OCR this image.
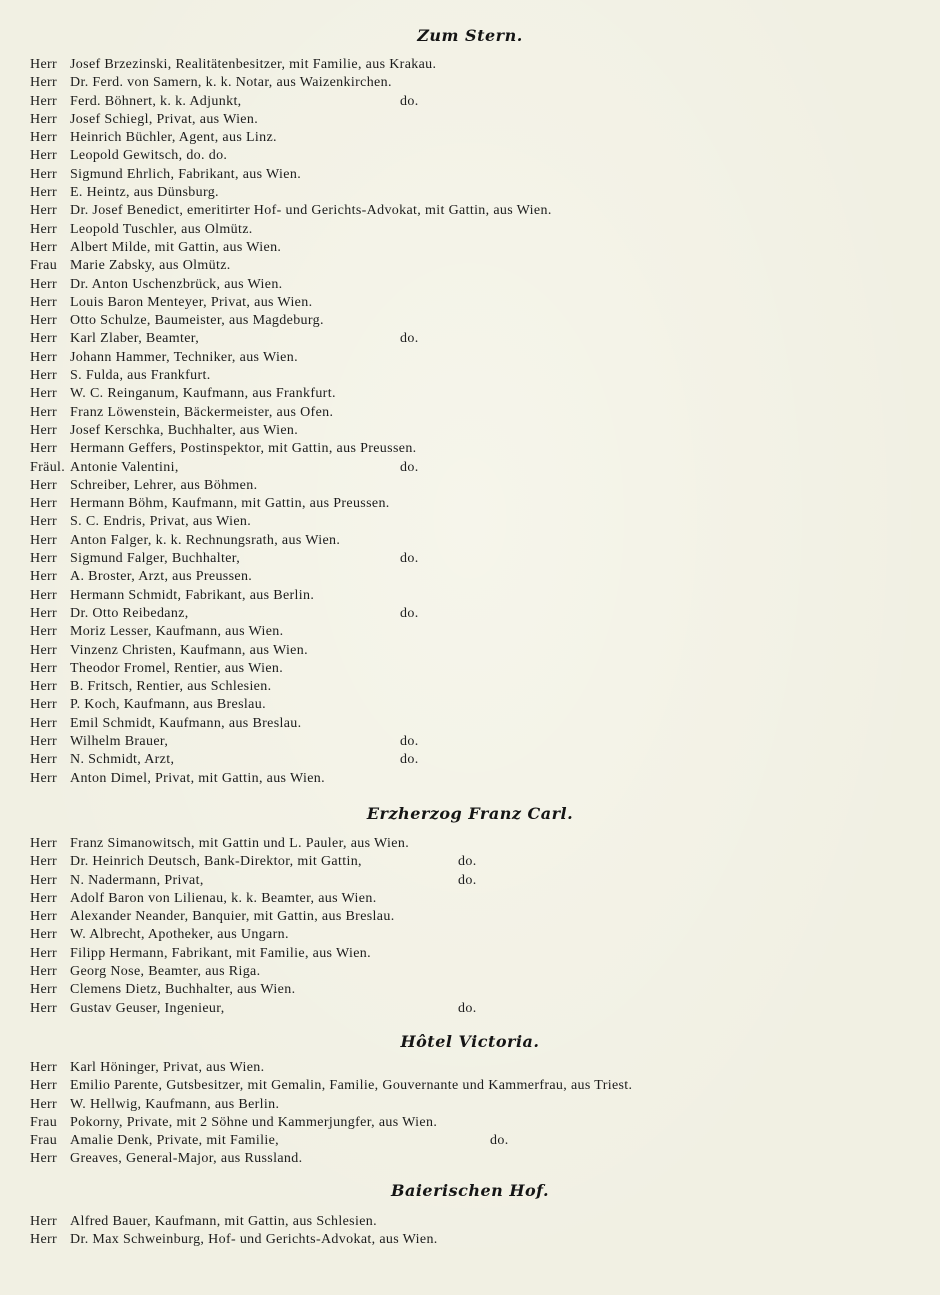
Zum Stern.
Herr Josef Brzezinski, Realitätenbesitzer, mit Familie, aus Krakau.
Herr Dr. Ferd. von Samern, k. k. Notar, aus Waizenkirchen.
Herr Ferd. Böhnert, k. k. Adjunkt,	do.
Herr Josef Schiegl, Privat, aus Wien.
Herr Heinrich Büchler, Agent, aus Linz.
Herr Leopold Gewitsch, do. do.
Herr Sigmund Ehrlich, Fabrikant, aus Wien.
Herr E. Heintz, aus Dünsburg.
Herr Dr. Josef Benedict, emeritirter Hof- und Gerichts-Advokat, mit Gattin, aus Wien.
Herr Leopold Tuschler, aus Olmütz.
Herr Albert Milde, mit Gattin, aus Wien.
Frau Marie Zabsky, aus Olmütz.
Herr Dr. Anton Uschenzbrück, aus Wien.
Herr Louis Baron Menteyer, Privat, aus Wien.
Herr Otto Schulze, Baumeister, aus Magdeburg.
Herr Karl Zlaber, Beamter,	do.
Herr Johann Hammer, Techniker, aus Wien.
Herr S. Fulda, aus Frankfurt.
Herr W. C. Reinganum, Kaufmann, aus Frankfurt.
Herr Franz Löwenstein, Bäckermeister, aus Ofen.
Herr Josef Kerschka, Buchhalter, aus Wien.
Herr Hermann Geffers, Postinspektor, mit Gattin, aus Preussen.
Fräul. Antonie Valentini,	do.
Herr Schreiber, Lehrer, aus Böhmen.
Herr Hermann Böhm, Kaufmann, mit Gattin, aus Preussen.
Herr S. C. Endris, Privat, aus Wien.
Herr Anton Falger, k. k. Rechnungsrath, aus Wien.
Herr Sigmund Falger, Buchhalter,	do.
Herr A. Broster, Arzt, aus Preussen.
Herr Hermann Schmidt, Fabrikant, aus Berlin.
Herr Dr. Otto Reibedanz,	do.
Herr Moriz Lesser, Kaufmann, aus Wien.
Herr Vinzenz Christen, Kaufmann, aus Wien.
Herr Theodor Fromel, Rentier, aus Wien.
Herr B. Fritsch, Rentier, aus Schlesien.
Herr P. Koch, Kaufmann, aus Breslau.
Herr Emil Schmidt, Kaufmann, aus Breslau.
Herr Wilhelm Brauer,	do.
Herr N. Schmidt, Arzt,	do.
Herr Anton Dimel, Privat, mit Gattin, aus Wien.
Erzherzog Franz Carl.
Herr Franz Simanowitsch, mit Gattin und L. Pauler, aus Wien.
Herr Dr. Heinrich Deutsch, Bank-Direktor, mit Gattin,	do.
Herr N. Nadermann, Privat,	do.
Herr Adolf Baron von Lilienau, k. k. Beamter, aus Wien.
Herr Alexander Neander, Banquier, mit Gattin, aus Breslau.
Herr W. Albrecht, Apotheker, aus Ungarn.
Herr Filipp Hermann, Fabrikant, mit Familie, aus Wien.
Herr Georg Nose, Beamter, aus Riga.
Herr Clemens Dietz, Buchhalter, aus Wien.
Herr Gustav Geuser, Ingenieur,	do.
Hôtel Victoria.
Herr Karl Höninger, Privat, aus Wien.
Herr Emilio Parente, Gutsbesitzer, mit Gemalin, Familie, Gouvernante und Kammerfrau, aus Triest.
Herr W. Hellwig, Kaufmann, aus Berlin.
Frau Pokorny, Private, mit 2 Söhne und Kammerjungfer, aus Wien.
Frau Amalie Denk, Private, mit Familie,	do.
Herr Greaves, General-Major, aus Russland.
Baierischen Hof.
Herr Alfred Bauer, Kaufmann, mit Gattin, aus Schlesien.
Herr Dr. Max Schweinburg, Hof- und Gerichts-Advokat, aus Wien.
